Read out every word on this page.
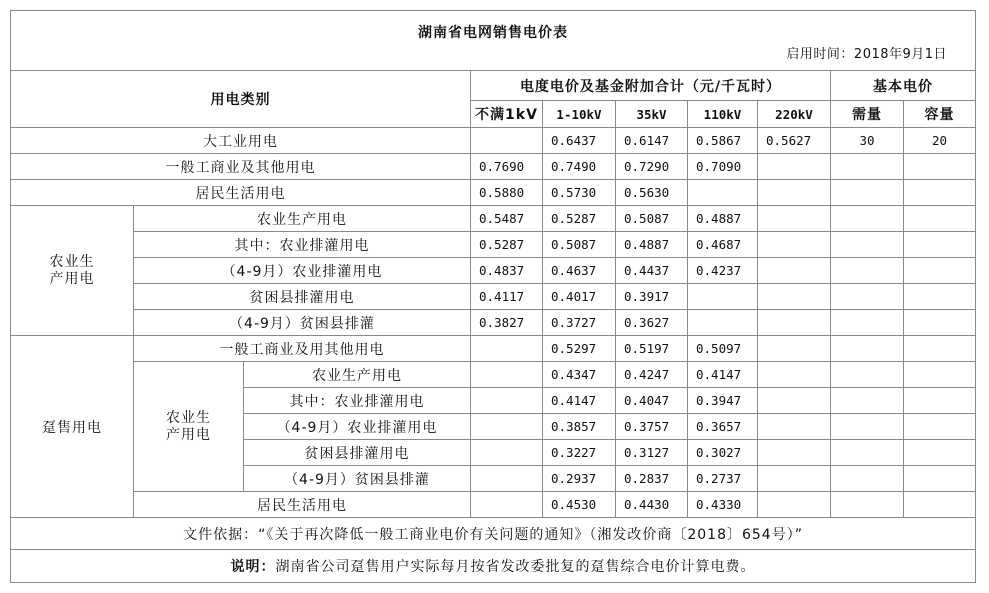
湖南省电网销售电价表
启用时间：2018年9月1日									

用电类别			电度电价及基金附加合计（元/千瓦时）					基本电价	
			不满1kV	1-10kV	35kV	110kV	220kV	需量	容量
大工业用电				0.6437	0.6147	0.5867	0.5627	30	20
一般工商业及其他用电			0.7690	0.7490	0.7290	0.7090			
居民生活用电			0.5880	0.5730	0.5630				
农业生产用电	农业生产用电		0.5487	0.5287	0.5087	0.4887			
	其中：农业排灌用电		0.5287	0.5087	0.4887	0.4687			
	（4-9月）农业排灌用电		0.4837	0.4637	0.4437	0.4237			
	贫困县排灌用电		0.4117	0.4017	0.3917				
	（4-9月）贫困县排灌		0.3827	0.3727	0.3627				
趸售用电	一般工商业及用其他用电			0.5297	0.5197	0.5097			
	农业生产用电	农业生产用电		0.4347	0.4247	0.4147			
		其中：农业排灌用电		0.4147	0.4047	0.3947			
		（4-9月）农业排灌用电		0.3857	0.3757	0.3657			
		贫困县排灌用电		0.3227	0.3127	0.3027			
		（4-9月）贫困县排灌		0.2937	0.2837	0.2737			
	居民生活用电			0.4530	0.4430	0.4330			
文件依据：“《关于再次降低一般工商业电价有关问题的通知》（湘发改价商〔2018〕654号）”									
说明：湖南省公司趸售用户实际每月按省发改委批复的趸售综合电价计算电费。									
